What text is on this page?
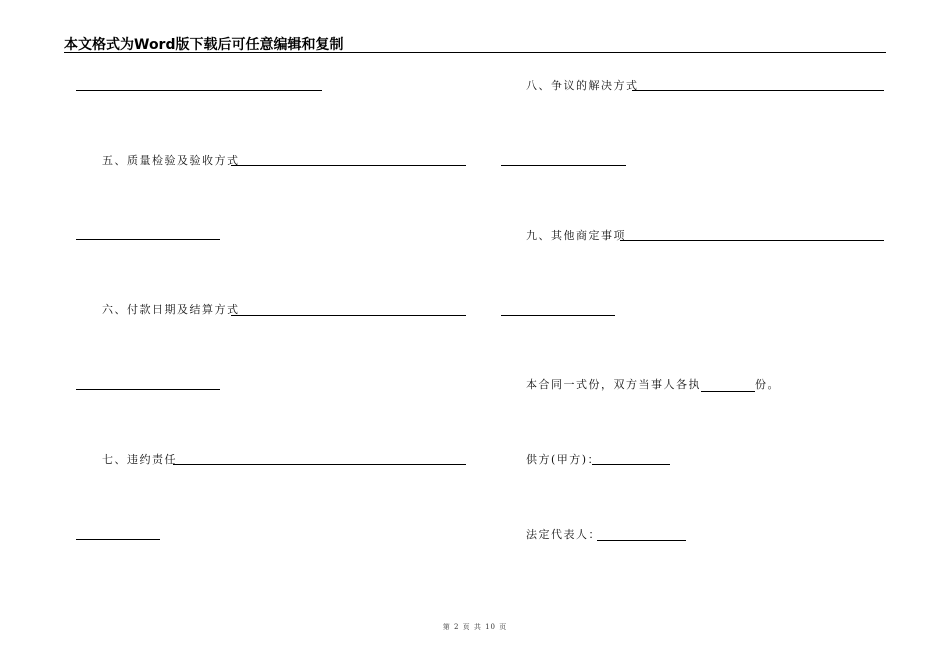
本文格式为Word版下载后可任意编辑和复制
五、质量检验及验收方式
六、付款日期及结算方式
七、违约责任
八、争议的解决方式
九、其他商定事项
本合同一式份，双方当事人各执	份。
供方(甲方)：
法定代表人：
第 2 页 共 10 页
